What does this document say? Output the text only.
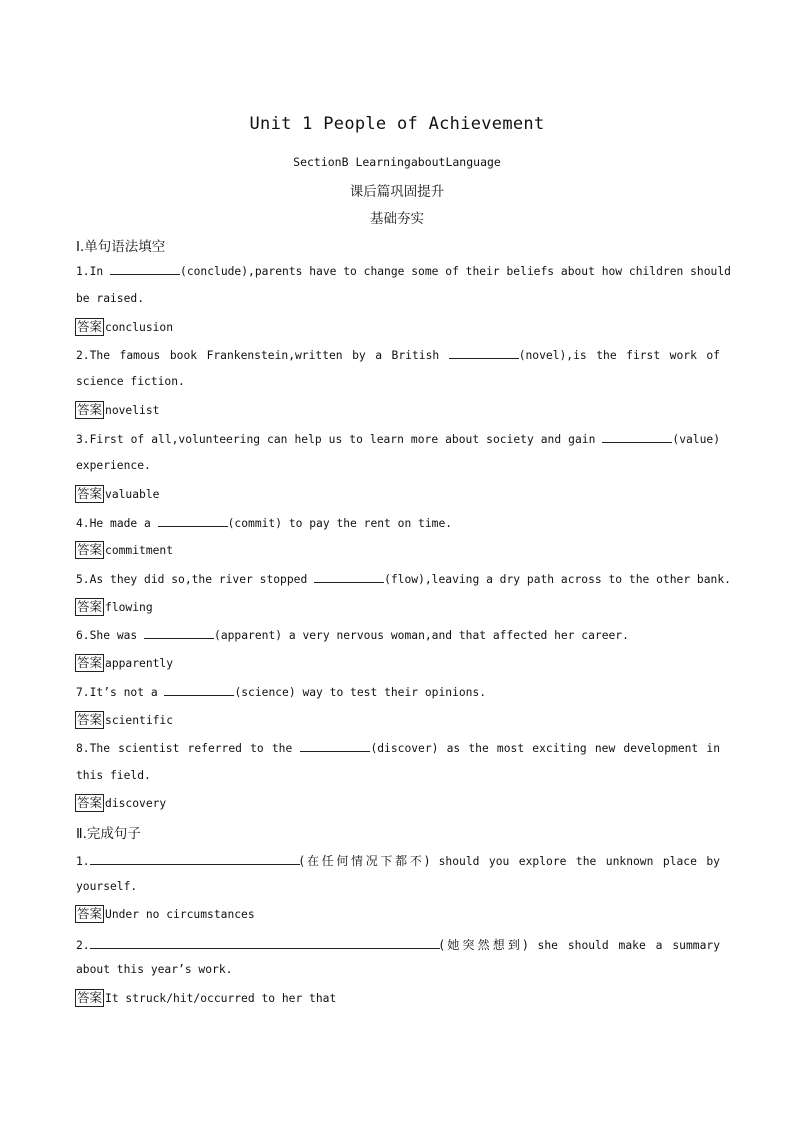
Unit 1 People of Achievement
SectionB LearningaboutLanguage
课后篇巩固提升
基础夯实
Ⅰ.单句语法填空
1.In	(conclude),parents have to change some of their beliefs about how children should
be raised.
答案 conclusion
2.The famous book Frankenstein,written by a British	(novel),is the first work of
science fiction.
答案 novelist
3.First of all,volunteering can help us to learn more about society and gain	(value)
experience.
答案 valuable
4.He made a	(commit) to pay the rent on time.
答案 commitment
5.As they did so,the river stopped	(flow),leaving a dry path across to the other bank.
答案 flowing
6.She was	(apparent) a very nervous woman,and that affected her career.
答案 apparently
7.It’s not a	(science) way to test their opinions.
答案 scientific
8.The scientist referred to the	(discover) as the most exciting new development in
this field.
答案 discovery
Ⅱ.完成句子
1.	(在任何情况下都不) should you explore the unknown place by
yourself.
答案 Under no circumstances
2.	(她突然想到) she should make a summary
about this year’s work.
答案 It struck/hit/occurred to her that
